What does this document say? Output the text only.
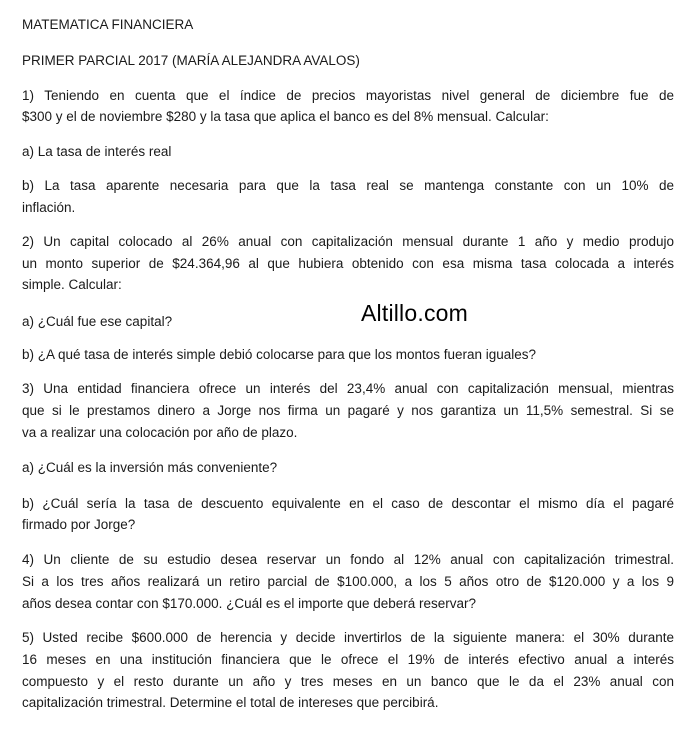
MATEMATICA FINANCIERA

PRIMER PARCIAL 2017 (MARÍA ALEJANDRA AVALOS)

1) Teniendo en cuenta que el índice de precios mayoristas nivel general de diciembre fue de

$300 y el de noviembre $280 y la tasa que aplica el banco es del 8% mensual. Calcular:

a) La tasa de interés real

b) La tasa aparente necesaria para que la tasa real se mantenga constante con un 10% de

inflación.

2) Un capital colocado al 26% anual con capitalización mensual durante 1 año y medio produjo

un monto superior de $24.364,96 al que hubiera obtenido con esa misma tasa colocada a interés

simple. Calcular:

a) ¿Cuál fue ese capital?

b) ¿A qué tasa de interés simple debió colocarse para que los montos fueran iguales?

3) Una entidad financiera ofrece un interés del 23,4% anual con capitalización mensual, mientras

que si le prestamos dinero a Jorge nos firma un pagaré y nos garantiza un 11,5% semestral. Si se

va a realizar una colocación por año de plazo.

a) ¿Cuál es la inversión más conveniente?

b) ¿Cuál sería la tasa de descuento equivalente en el caso de descontar el mismo día el pagaré

firmado por Jorge?

4) Un cliente de su estudio desea reservar un fondo al 12% anual con capitalización trimestral.

Si a los tres años realizará un retiro parcial de $100.000, a los 5 años otro de $120.000 y a los 9

años desea contar con $170.000. ¿Cuál es el importe que deberá reservar?

5) Usted recibe $600.000 de herencia y decide invertirlos de la siguiente manera: el 30% durante

16 meses en una institución financiera que le ofrece el 19% de interés efectivo anual a interés

compuesto y el resto durante un año y tres meses en un banco que le da el 23% anual con

capitalización trimestral. Determine el total de intereses que percibirá.

Altillo.com
